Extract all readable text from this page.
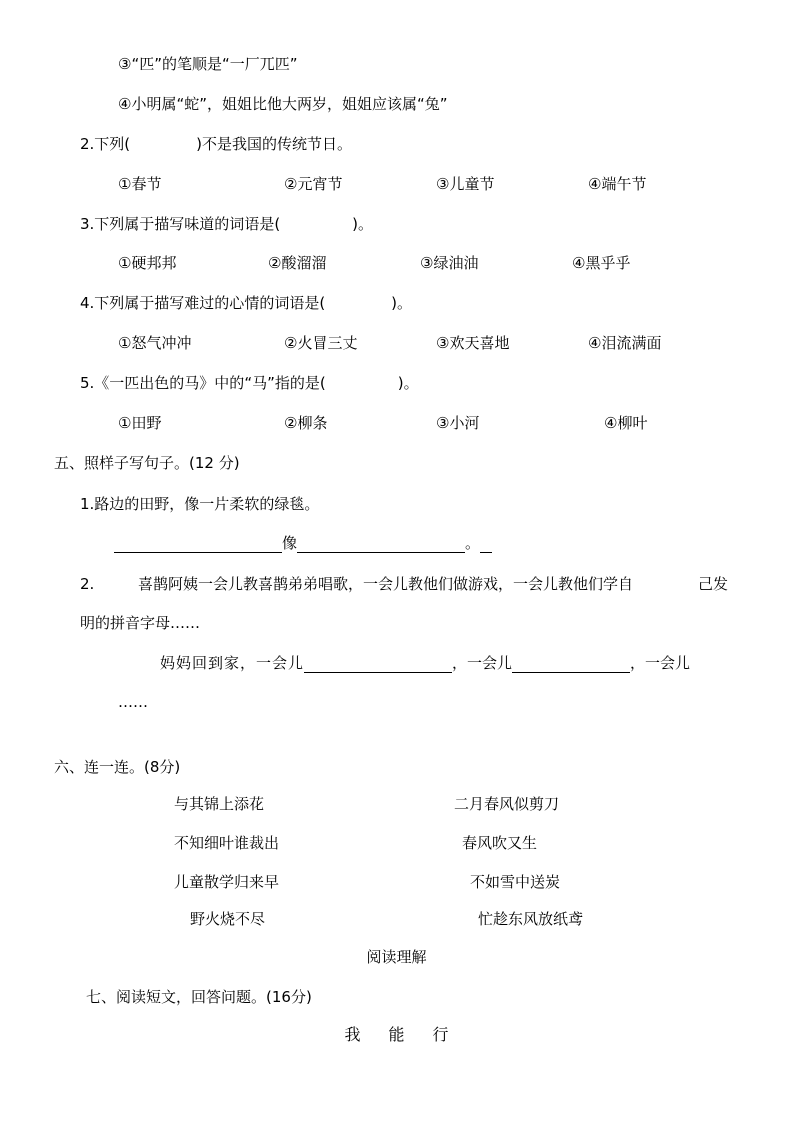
③“匹”的笔顺是“一厂兀匹”
④小明属“蛇”，姐姐比他大两岁，姐姐应该属“兔”
2.下列(	)不是我国的传统节日。
①春节	②元宵节	③儿童节	④端午节
3.下列属于描写味道的词语是(	)。
①硬邦邦	②酸溜溜	③绿油油	④黑乎乎
4.下列属于描写难过的心情的词语是(	)。
①怒气冲冲	②火冒三丈	③欢天喜地	④泪流满面
5.《一匹出色的马》中的“马”指的是(	)。
①田野	②柳条	③小河	④柳叶
五、照样子写句子。(12 分)
1.路边的田野，像一片柔软的绿毯。
像	。
2.	喜鹊阿姨一会儿教喜鹊弟弟唱歌，一会儿教他们做游戏，一会儿教他们学自	己发
明的拼音字母……
妈妈回到家，一会儿	，一会儿	，一会儿
……
六、连一连。(8分)
与其锦上添花
不知细叶谁裁出
儿童散学归来早
野火烧不尽
二月春风似剪刀
春风吹又生
不如雪中送炭
忙趁东风放纸鸢
阅读理解
七、阅读短文，回答问题。(16分)
我能行
